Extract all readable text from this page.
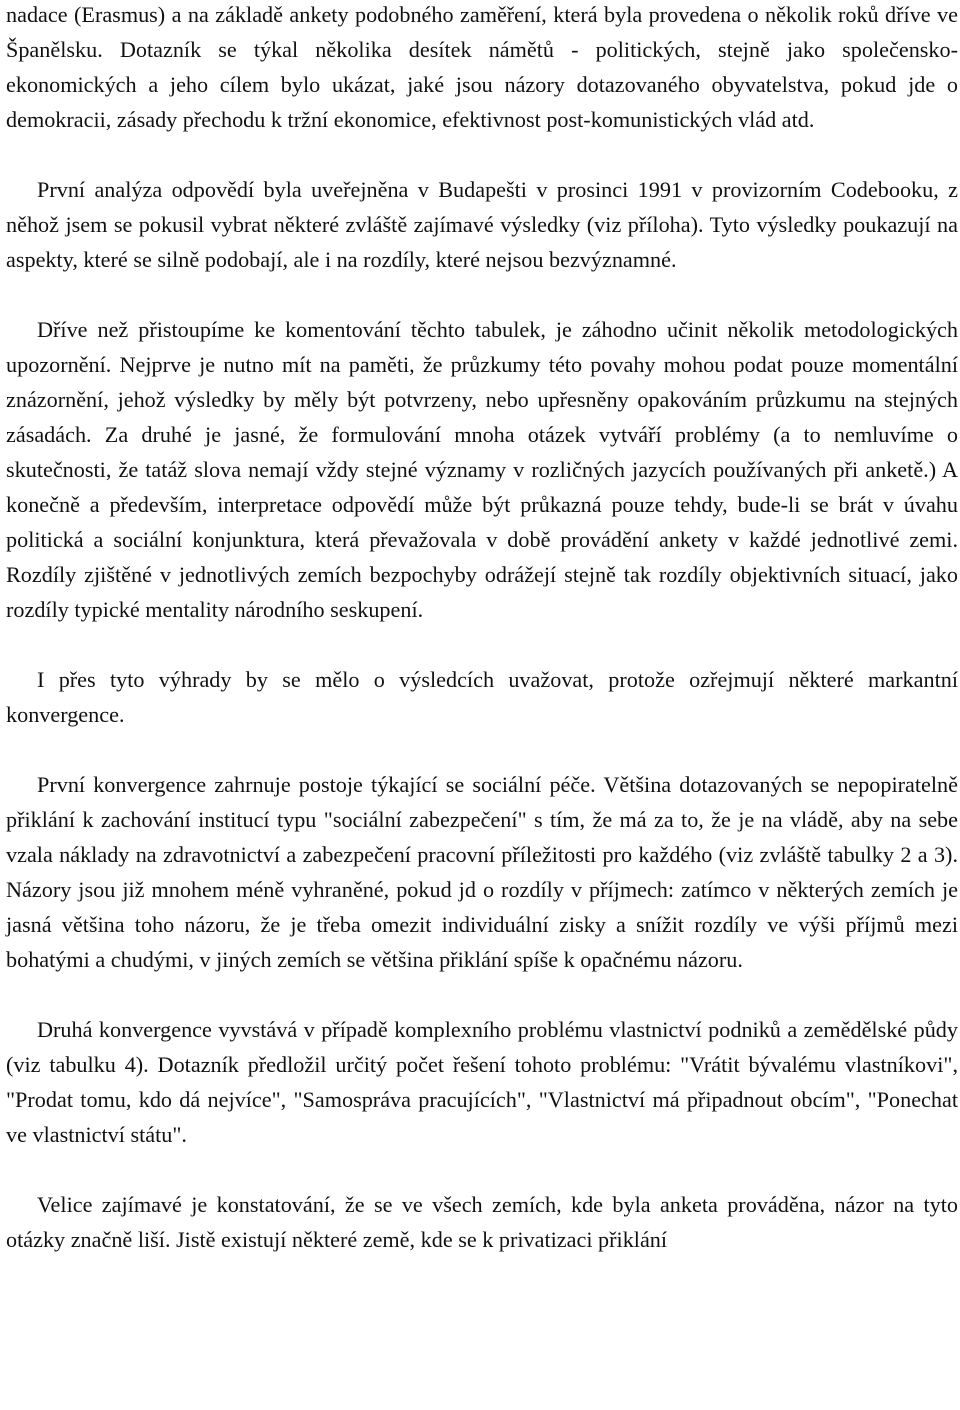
nadace (Erasmus) a na základě ankety podobného zaměření, která byla provedena o několik roků dříve ve Španělsku. Dotazník se týkal několika desítek námětů - politických, stejně jako společensko-ekonomických a jeho cílem bylo ukázat, jaké jsou názory dotazovaného obyvatelstva, pokud jde o demokracii, zásady přechodu k tržní ekonomice, efektivnost post-komunistických vlád atd.

První analýza odpovědí byla uveřejněna v Budapešti v prosinci 1991 v provizorním Codebooku, z něhož jsem se pokusil vybrat některé zvláště zajímavé výsledky (viz příloha). Tyto výsledky poukazují na aspekty, které se silně podobají, ale i na rozdíly, které nejsou bezvýznamné.

Dříve než přistoupíme ke komentování těchto tabulek, je záhodno učinit několik metodologických upozornění. Nejprve je nutno mít na paměti, že průzkumy této povahy mohou podat pouze momentální znázornění, jehož výsledky by měly být potvrzeny, nebo upřesněny opakováním průzkumu na stejných zásadách. Za druhé je jasné, že formulování mnoha otázek vytváří problémy (a to nemluvíme o skutečnosti, že tatáž slova nemají vždy stejné významy v rozličných jazycích používaných při anketě.) A konečně a především, interpretace odpovědí může být průkazná pouze tehdy, bude-li se brát v úvahu politická a sociální konjunktura, která převažovala v době provádění ankety v každé jednotlivé zemi. Rozdíly zjištěné v jednotlivých zemích bezpochyby odrážejí stejně tak rozdíly objektivních situací, jako rozdíly typické mentality národního seskupení.

I přes tyto výhrady by se mělo o výsledcích uvažovat, protože ozřejmují některé markantní konvergence.

První konvergence zahrnuje postoje týkající se sociální péče. Většina dotazovaných se nepopiratelně přiklání k zachování institucí typu "sociální zabezpečení" s tím, že má za to, že je na vládě, aby na sebe vzala náklady na zdravotnictví a zabezpečení pracovní příležitosti pro každého (viz zvláště tabulky 2 a 3). Názory jsou již mnohem méně vyhraněné, pokud jd o rozdíly v příjmech: zatímco v některých zemích je jasná většina toho názoru, že je třeba omezit individuální zisky a snížit rozdíly ve výši příjmů mezi bohatými a chudými, v jiných zemích se většina přiklání spíše k opačnému názoru.

Druhá konvergence vyvstává v případě komplexního problému vlastnictví podniků a zemědělské půdy (viz tabulku 4). Dotazník předložil určitý počet řešení tohoto problému: "Vrátit bývalému vlastníkovi", "Prodat tomu, kdo dá nejvíce", "Samospráva pracujících", "Vlastnictví má připadnout obcím", "Ponechat ve vlastnictví státu".

Velice zajímavé je konstatování, že se ve všech zemích, kde byla anketa prováděna, názor na tyto otázky značně liší. Jistě existují některé země, kde se k privatizaci přiklání
